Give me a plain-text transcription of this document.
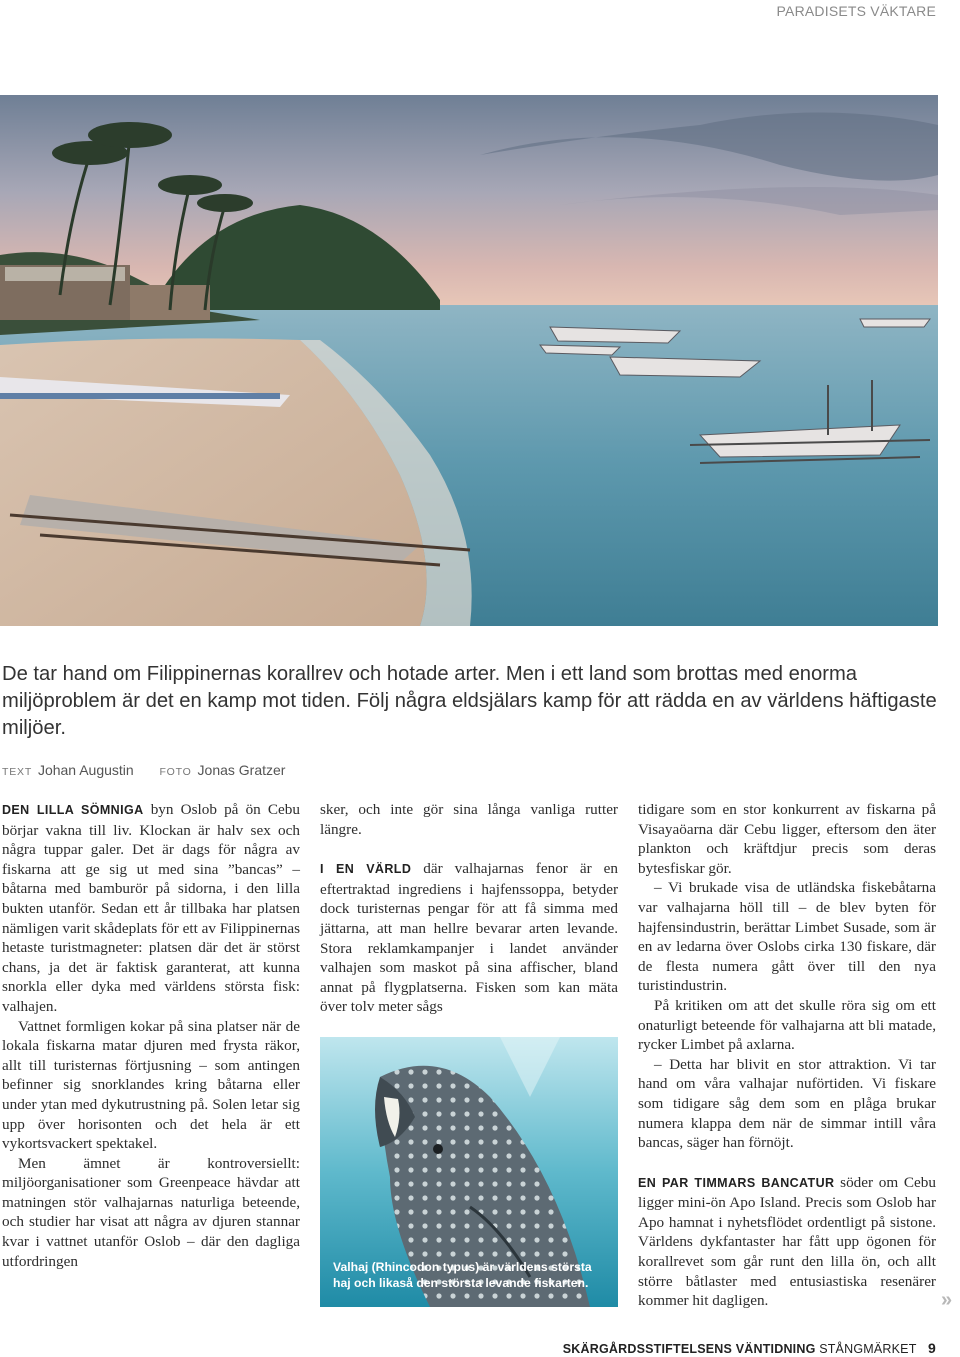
PARADISETS VÄKTARE
De tar hand om Filippinernas korallrev och hotade arter. Men i ett land som brottas med enorma miljöproblem är det en kamp mot tiden. Följ några eldsjälars kamp för att rädda en av världens häftigaste miljöer.
TEXT Johan Augustin FOTO Jonas Gratzer

DEN LILLA SÖMNIGA byn Oslob på ön Cebu börjar vakna till liv. Klockan är halv sex och några tuppar galer. Det är dags för några av fiskarna att ge sig ut med sina ”bancas” – båtarna med bamburör på sidorna, i den lilla bukten utanför. Sedan ett år tillbaka har platsen nämligen varit skådeplats för ett av Filippinernas hetaste turistmagneter: platsen där det är störst chans, ja det är faktisk garanterat, att kunna snorkla eller dyka med världens största fisk: valhajen.

Vattnet formligen kokar på sina platser när de lokala fiskarna matar djuren med frysta räkor, allt till turisternas förtjusning – som antingen befinner sig snorklandes kring båtarna eller under ytan med dykutrustning på. Solen letar sig upp över horisonten och det hela är ett vykortsvackert spektakel.

Men ämnet är kontroversiellt: miljöorganisationer som Greenpeace hävdar att matningen stör valhajarnas naturliga beteende, och studier har visat att några av djuren stannar kvar i vattnet utanför Oslob – där den dagliga utfordringen

sker, och inte gör sina långa vanliga rutter längre.

I EN VÄRLD där valhajarnas fenor är en eftertraktad ingrediens i hajfenssoppa, betyder dock turisternas pengar för att få simma med jättarna, att man hellre bevarar arten levande. Stora reklamkampanjer i landet använder valhajen som maskot på sina affischer, bland annat på flygplatserna. Fisken som kan mäta över tolv meter sågs

Valhaj (Rhincodon typus) är världens största haj och likaså den största levande fiskarten.

tidigare som en stor konkurrent av fiskarna på Visayaöarna där Cebu ligger, eftersom den äter plankton och kräftdjur precis som deras bytesfiskar gör.

– Vi brukade visa de utländska fiskebåtarna var valhajarna höll till – de blev byten för hajfensindustrin, berättar Limbet Susade, som är en av ledarna över Oslobs cirka 130 fiskare, där de flesta numera gått över till den nya turistindustrin.

På kritiken om att det skulle röra sig om ett onaturligt beteende för valhajarna att bli matade, rycker Limbet på axlarna.

– Detta har blivit en stor attraktion. Vi tar hand om våra valhajar nuförtiden. Vi fiskare som tidigare såg dem som en plåga brukar numera klappa dem när de simmar intill våra bancas, säger han förnöjt.

EN PAR TIMMARS BANCATUR söder om Cebu ligger mini-ön Apo Island. Precis som Oslob har Apo hamnat i nyhetsflödet ordentligt på sistone. Världens dykfantaster har fått upp ögonen för korallrevet som går runt den lilla ön, och allt större båtlaster med entusiastiska resenärer kommer hit dagligen.	»
SKÄRGÅRDSSTIFTELSENS VÄNTIDNING STÅNGMÄRKET 9
